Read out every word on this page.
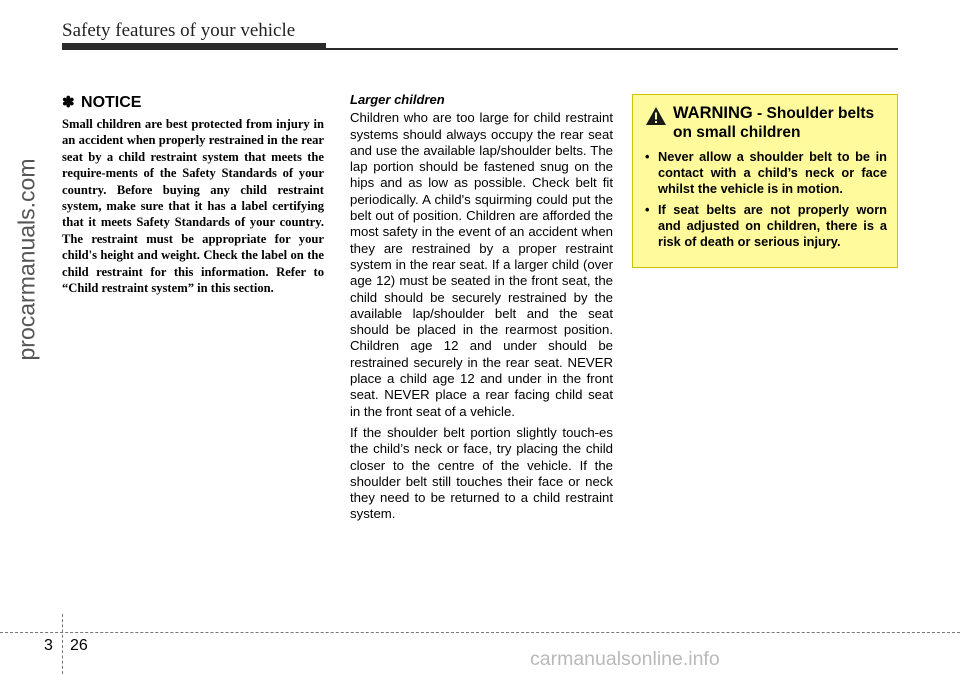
Safety features of your vehicle
procarmanuals.com
✽ NOTICE

Small children are best protected from injury in an accident when properly restrained in the rear seat by a child restraint system that meets the require-ments of the Safety Standards of your country. Before buying any child restraint system, make sure that it has a label certifying that it meets Safety Standards of your country. The restraint must be appropriate for your child's height and weight. Check the label on the child restraint for this information. Refer to “Child restraint system” in this section.

Larger children

Children who are too large for child restraint systems should always occupy the rear seat and use the available lap/shoulder belts. The lap portion should be fastened snug on the hips and as low as possible. Check belt fit periodically. A child's squirming could put the belt out of position. Children are afforded the most safety in the event of an accident when they are restrained by a proper restraint system in the rear seat. If a larger child (over age 12) must be seated in the front seat, the child should be securely restrained by the available lap/shoulder belt and the seat should be placed in the rearmost position. Children age 12 and under should be restrained securely in the rear seat. NEVER place a child age 12 and under in the front seat. NEVER place a rear facing child seat in the front seat of a vehicle.

If the shoulder belt portion slightly touch-es the child’s neck or face, try placing the child closer to the centre of the vehicle. If the shoulder belt still touches their face or neck they need to be returned to a child restraint system.

WARNING - Shoulder belts on small children
• Never allow a shoulder belt to be in contact with a child’s neck or face whilst the vehicle is in motion.
• If seat belts are not properly worn and adjusted on children, there is a risk of death or serious injury.
3 26
carmanualsonline.info
